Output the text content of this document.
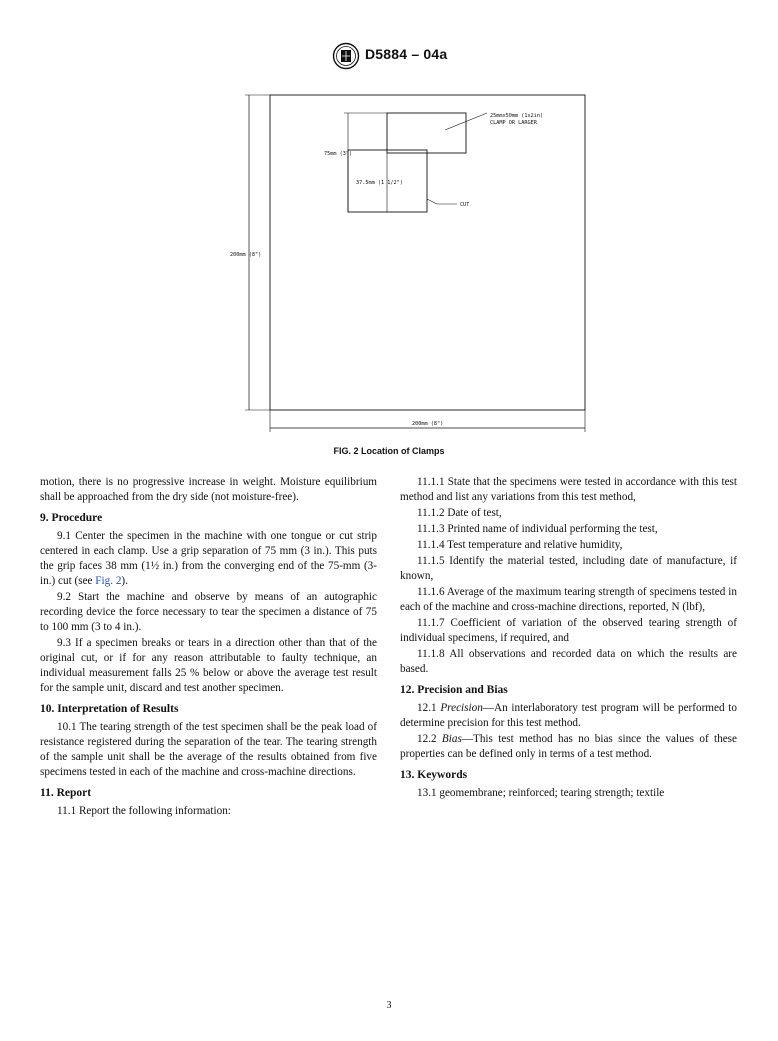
D5884 – 04a
25mmx50mm (1x2in)
CLAMP OR LARGER
75mm (3")
37.5mm (1 1/2")
CUT
200mm (8")
200mm (8")
FIG. 2 Location of Clamps

motion, there is no progressive increase in weight. Moisture equilibrium shall be approached from the dry side (not moisture-free).

9. Procedure

9.1 Center the specimen in the machine with one tongue or cut strip centered in each clamp. Use a grip separation of 75 mm (3 in.). This puts the grip faces 38 mm (1½ in.) from the converging end of the 75-mm (3-in.) cut (see Fig. 2).

9.2 Start the machine and observe by means of an autographic recording device the force necessary to tear the specimen a distance of 75 to 100 mm (3 to 4 in.).

9.3 If a specimen breaks or tears in a direction other than that of the original cut, or if for any reason attributable to faulty technique, an individual measurement falls 25 % below or above the average test result for the sample unit, discard and test another specimen.

10. Interpretation of Results

10.1 The tearing strength of the test specimen shall be the peak load of resistance registered during the separation of the tear. The tearing strength of the sample unit shall be the average of the results obtained from five specimens tested in each of the machine and cross-machine directions.

11. Report

11.1 Report the following information:

11.1.1 State that the specimens were tested in accordance with this test method and list any variations from this test method,

11.1.2 Date of test,

11.1.3 Printed name of individual performing the test,

11.1.4 Test temperature and relative humidity,

11.1.5 Identify the material tested, including date of manufacture, if known,

11.1.6 Average of the maximum tearing strength of specimens tested in each of the machine and cross-machine directions, reported, N (lbf),

11.1.7 Coefficient of variation of the observed tearing strength of individual specimens, if required, and

11.1.8 All observations and recorded data on which the results are based.

12. Precision and Bias

12.1 Precision—An interlaboratory test program will be performed to determine precision for this test method.

12.2 Bias—This test method has no bias since the values of these properties can be defined only in terms of a test method.

13. Keywords

13.1 geomembrane; reinforced; tearing strength; textile

3
